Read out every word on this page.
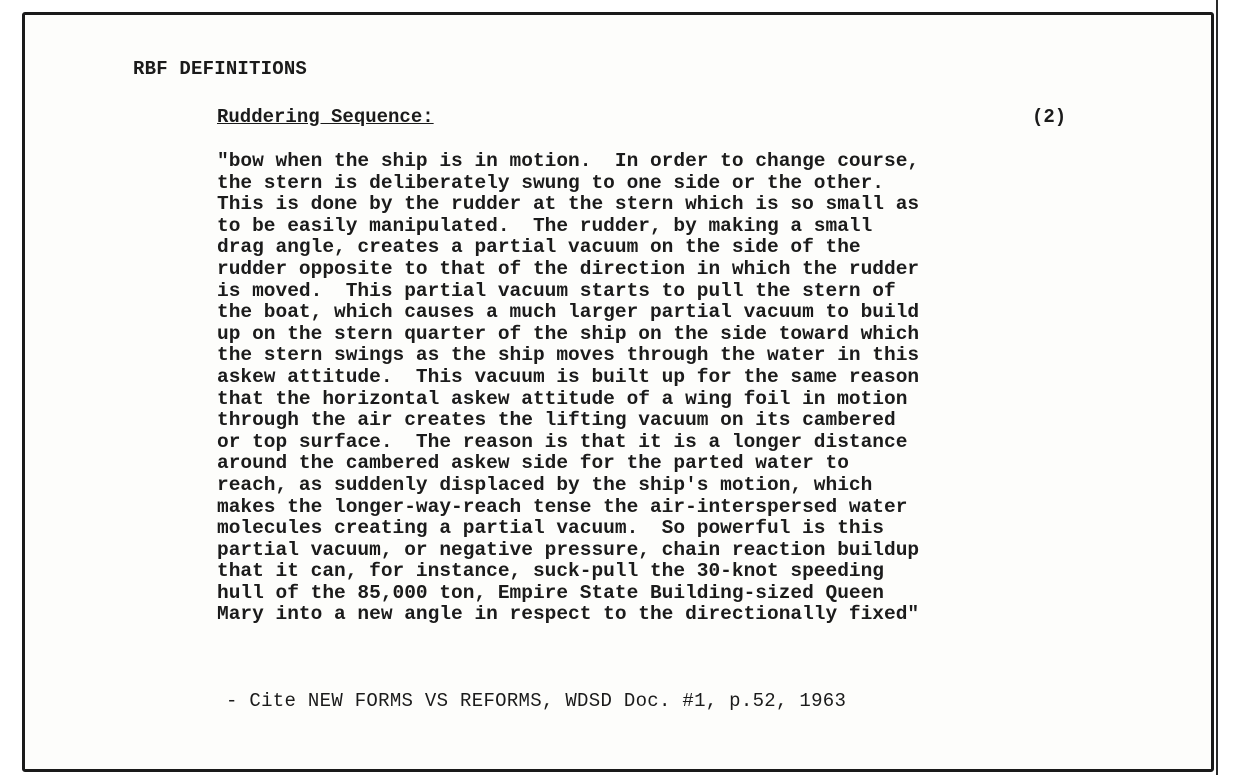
RBF DEFINITIONS
Ruddering Sequence:	(2)
"bow when the ship is in motion.  In order to change course,
the stern is deliberately swung to one side or the other.
This is done by the rudder at the stern which is so small as
to be easily manipulated.  The rudder, by making a small
drag angle, creates a partial vacuum on the side of the
rudder opposite to that of the direction in which the rudder
is moved.  This partial vacuum starts to pull the stern of
the boat, which causes a much larger partial vacuum to build
up on the stern quarter of the ship on the side toward which
the stern swings as the ship moves through the water in this
askew attitude.  This vacuum is built up for the same reason
that the horizontal askew attitude of a wing foil in motion
through the air creates the lifting vacuum on its cambered
or top surface.  The reason is that it is a longer distance
around the cambered askew side for the parted water to
reach, as suddenly displaced by the ship's motion, which
makes the longer-way-reach tense the air-interspersed water
molecules creating a partial vacuum.  So powerful is this
partial vacuum, or negative pressure, chain reaction buildup
that it can, for instance, suck-pull the 30-knot speeding
hull of the 85,000 ton, Empire State Building-sized Queen
Mary into a new angle in respect to the directionally fixed"
- Cite NEW FORMS VS REFORMS, WDSD Doc. #1, p.52, 1963
